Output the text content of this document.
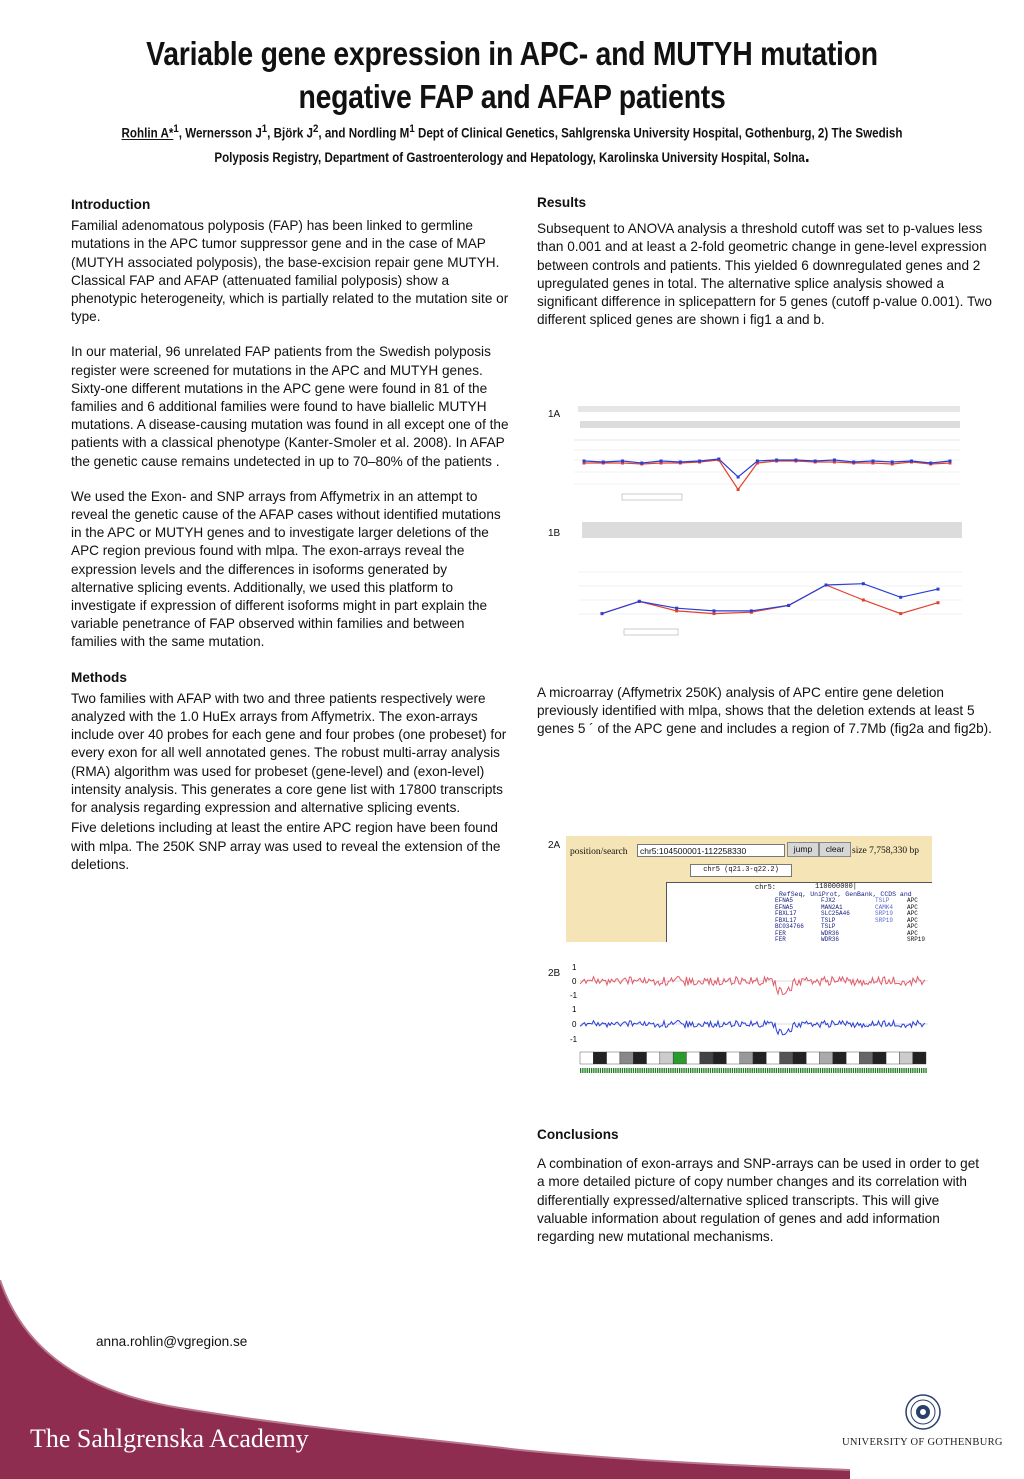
Variable gene expression in APC- and MUTYH mutation
negative FAP and AFAP patients
Rohlin A*$^1$, Wernersson $J^1$, Björk $J^2$, and Nordling $M^1$ Dept of Clinical Genetics, Sahlgrenska University Hospital, Gothenburg, 2) The Swedish
Polyposis Registry, Department of Gastroenterology and Hepatology, Karolinska University Hospital, Solna.

Introduction

Familial adenomatous polyposis (FAP) has been linked to germline mutations in the APC tumor suppressor gene and in the case of MAP (MUTYH associated polyposis), the base-excision repair gene MUTYH. Classical FAP and AFAP (attenuated familial polyposis) show a phenotypic heterogeneity, which is partially related to the mutation site or type.

In our material, 96 unrelated FAP patients from the Swedish polyposis register were screened for mutations in the APC and MUTYH genes. Sixty-one different mutations in the APC gene were found in 81 of the families and 6 additional families were found to have biallelic MUTYH mutations. A disease-causing mutation was found in all except one of the patients with a classical phenotype (Kanter-Smoler et al. 2008). In AFAP the genetic cause remains undetected in up to 70–80% of the patients .

We used the Exon- and SNP arrays from Affymetrix in an attempt to reveal the genetic cause of the AFAP cases without identified mutations in the APC or MUTYH genes and to investigate larger deletions of the APC region previous found with mlpa. The exon-arrays reveal the expression levels and the differences in isoforms generated by alternative splicing events. Additionally, we used this platform to investigate if expression of different isoforms might in part explain the variable penetrance of FAP observed within families and between families with the same mutation.

Methods

Two families with AFAP with two and three patients respectively were analyzed with the 1.0 HuEx arrays from Affymetrix. The exon-arrays include over 40 probes for each gene and four probes (one probeset) for every exon for all well annotated genes. The robust multi-array analysis (RMA) algorithm was used for probeset (gene-level) and (exon-level) intensity analysis. This generates a core gene list with 17800 transcripts for analysis regarding expression and alternative splicing events.

Five deletions including at least the entire APC region have been found with mlpa. The 250K SNP array was used to reveal the extension of the deletions.

Results

Subsequent to ANOVA analysis a threshold cutoff was set to p-values less than 0.001 and at least a 2-fold geometric change in gene-level expression between controls and patients. This yielded 6 downregulated genes and 2 upregulated genes in total. The alternative splice analysis showed a significant difference in splicepattern for 5 genes (cutoff p-value 0.001). Two different spliced genes are shown i fig1 a and b.

1A
1B

A microarray (Affymetrix 250K) analysis of APC entire gene deletion previously identified with mlpa, shows that the deletion extends at least 5 genes 5 ´ of the APC gene and includes a region of 7.7Mb (fig2a and fig2b).

2A
position/search	chr5:104500001-112258330	jump	clear size 7,758,330 bp
chr5 (q21.3-q22.2)
chr5:	110000000|
RefSeq, UniProt, GenBank, CCDS and
EFNA5
EFNA5
FBXL17
FBXL17
BC034766
FER
FER
FJX2
MAN2A1
SLC25A46
TSLP
TSLP
WDR36
WDR36
TSLP
CAMK4
SRP19
SRP19
APC
APC
APC
APC
APC
APC
SRP19
2B
1
0
-1
1
0
-1

Conclusions

A combination of exon-arrays and SNP-arrays can be used in order to get a more detailed picture of copy number changes and its correlation with differentially expressed/alternative spliced transcripts. This will give valuable information about regulation of genes and add information regarding new mutational mechanisms.

anna.rohlin@vgregion.se
The Sahlgrenska Academy	UNIVERSITY OF GOTHENBURG
